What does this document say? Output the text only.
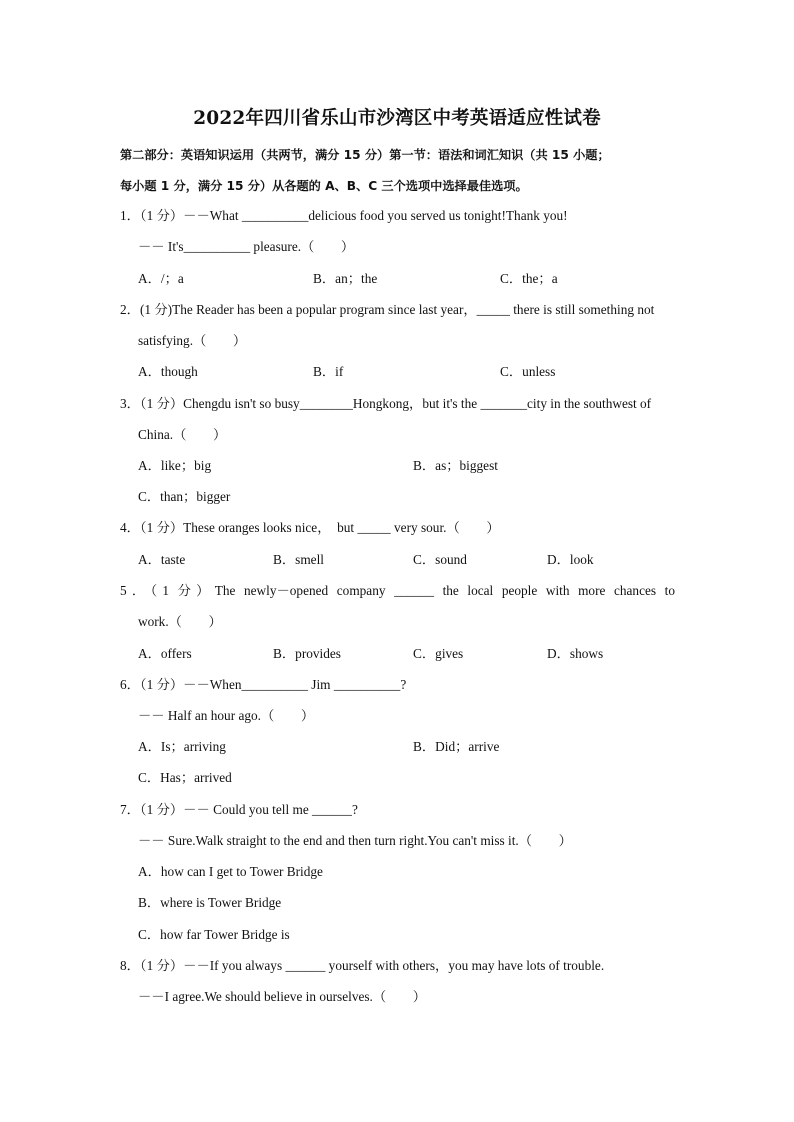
2022年四川省乐山市沙湾区中考英语适应性试卷
第二部分：英语知识运用（共两节，满分 15 分）第一节：语法和词汇知识（共 15 小题；
每小题 1 分，满分 15 分）从各题的 A、B、C 三个选项中选择最佳选项。
1．（1 分）－－What __________delicious food you served us tonight!Thank you!
－－ It's__________ pleasure.（　　）
A．/；a	B．an；the	C．the；a
2．(1 分)The Reader has been a popular program since last year，_____ there is still something not
satisfying.（　　）
A．though	B．if	C．unless
3．（1 分）Chengdu isn't so busy________Hongkong，but it's the _______city in the southwest of
China.（　　）
A．like；big	B．as；biggest
C．than；bigger
4．（1 分）These oranges looks nice，　but _____ very sour.（　　）
A．taste	B．smell	C．sound	D．look
5．（1 分）The newly－opened company ______ the local people with more chances to
work.（　　）
A．offers	B．provides	C．gives	D．shows
6．（1 分）－－When__________ Jim __________?
－－ Half an hour ago.（　　）
A．Is；arriving	B．Did；arrive
C．Has；arrived
7．（1 分）－－ Could you tell me ______?
－－ Sure.Walk straight to the end and then turn right.You can't miss it.（　　）
A．how can I get to Tower Bridge
B．where is Tower Bridge
C．how far Tower Bridge is
8．（1 分）－－If you always ______ yourself with others，you may have lots of trouble.
－－I agree.We should believe in ourselves.（　　）
